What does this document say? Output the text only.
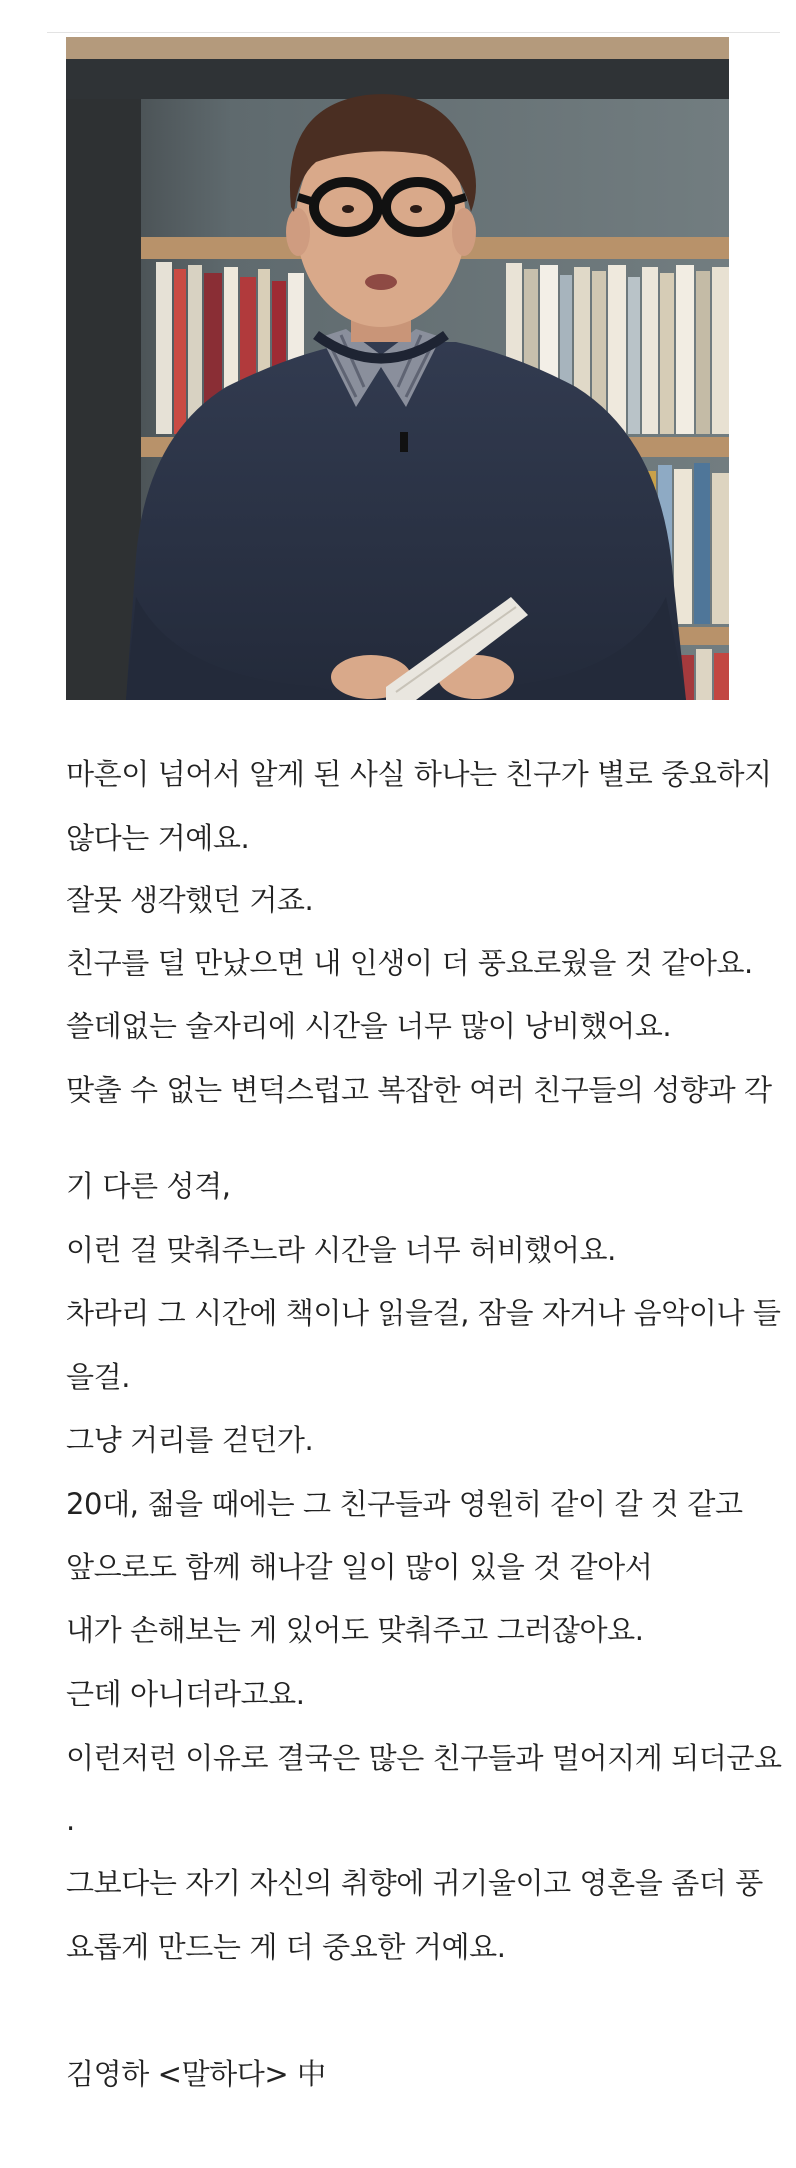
마흔이 넘어서 알게 된 사실 하나는 친구가 별로 중요하지
않다는 거예요.
잘못 생각했던 거죠.
친구를 덜 만났으면 내 인생이 더 풍요로웠을 것 같아요.
쓸데없는 술자리에 시간을 너무 많이 낭비했어요.
맞출 수 없는 변덕스럽고 복잡한 여러 친구들의 성향과 각
기 다른 성격,
이런 걸 맞춰주느라 시간을 너무 허비했어요.
차라리 그 시간에 책이나 읽을걸, 잠을 자거나 음악이나 들
을걸.
그냥 거리를 걷던가.
20대, 젊을 때에는 그 친구들과 영원히 같이 갈 것 같고
앞으로도 함께 해나갈 일이 많이 있을 것 같아서
내가 손해보는 게 있어도 맞춰주고 그러잖아요.
근데 아니더라고요.
이런저런 이유로 결국은 많은 친구들과 멀어지게 되더군요
.
그보다는 자기 자신의 취향에 귀기울이고 영혼을 좀더 풍
요롭게 만드는 게 더 중요한 거예요.
김영하 <말하다> 中
